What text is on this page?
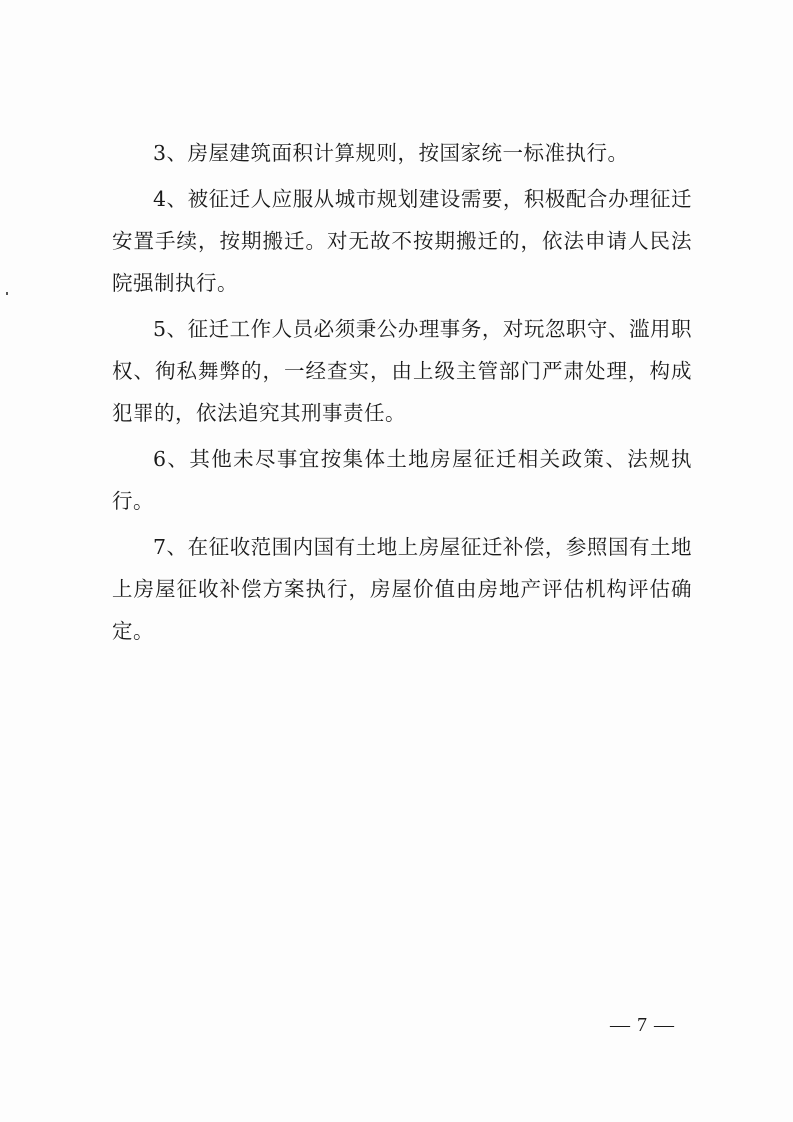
3、房屋建筑面积计算规则，按国家统一标准执行。

4、被征迁人应服从城市规划建设需要，积极配合办理征迁安置手续，按期搬迁。对无故不按期搬迁的，依法申请人民法院强制执行。

5、征迁工作人员必须秉公办理事务，对玩忽职守、滥用职权、徇私舞弊的，一经查实，由上级主管部门严肃处理，构成犯罪的，依法追究其刑事责任。

6、其他未尽事宜按集体土地房屋征迁相关政策、法规执行。

7、在征收范围内国有土地上房屋征迁补偿，参照国有土地上房屋征收补偿方案执行，房屋价值由房地产评估机构评估确定。

— 7 —
